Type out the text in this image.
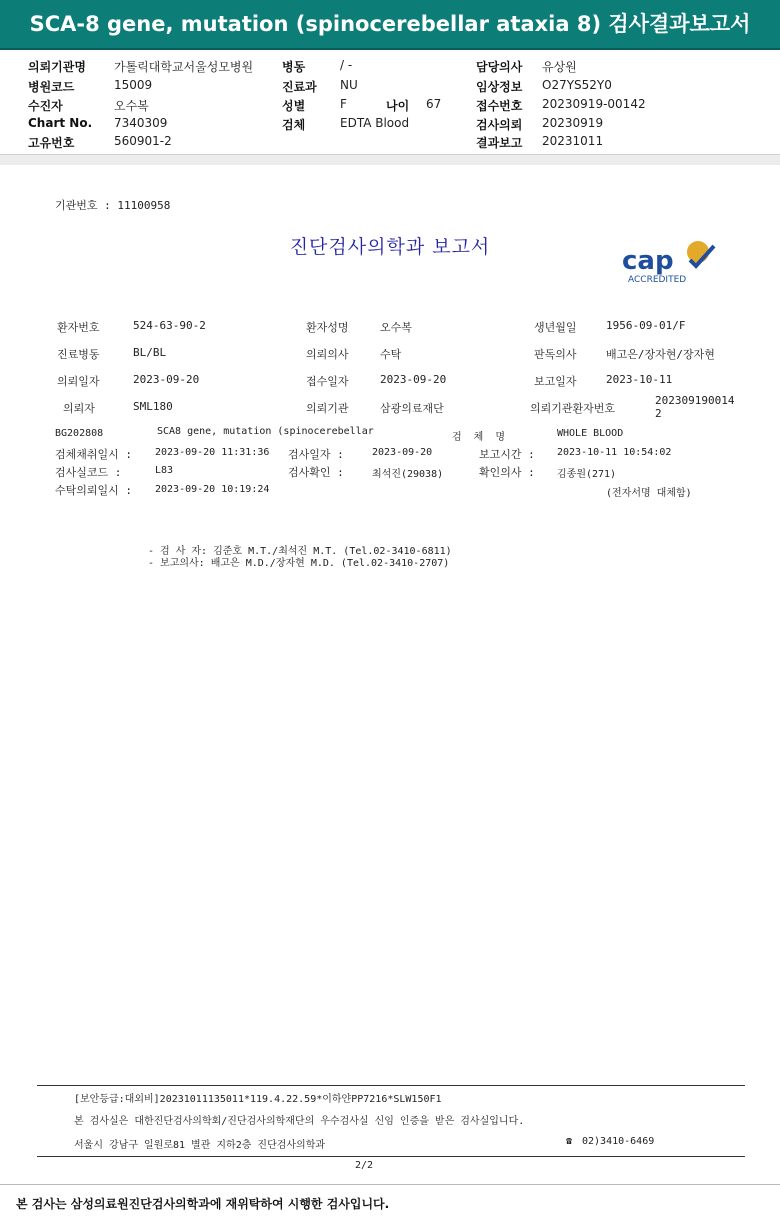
SCA-8 gene, mutation (spinocerebellar ataxia 8) 검사결과보고서
의뢰기관명 가톨릭대학교서울성모병원
병원코드	15009
수진자	오수복
Chart No. 7340309
고유번호	560901-2
병동	/ -
진료과 NU
성별	F	나이 67
검체	EDTA Blood
담당의사 유상원
임상정보 O27YS52Y0
접수번호 20230919-00142
검사의뢰 20230919
결과보고 20231011
기관번호 : 11100958
진단검사의학과 보고서	cap
ACCREDITED
환자번호	524-63-90-2	환자성명	오수복	생년월일	1956-09-01/F
진료병동	BL/BL	의뢰의사	수탁	판독의사	배고은/장자현/장자현
의뢰일자	2023-09-20	접수일자	2023-09-20	보고일자	2023-10-11
의뢰자	SML180	의뢰기관	삼광의료재단	의뢰기관환자번호
202309190014 2
BG202808	SCA8 gene, mutation (spinocerebellar
검 체 명	WHOLE BLOOD
검체채취일시 : 2023-09-20 11:31:36 검사일자 :	2023-09-20	보고시간 : 2023-10-11 10:54:02
검사실코드 :	L83	검사확인 :	최석진(29038)	확인의사 : 김종원(271)
수탁의뢰일시 : 2023-09-20 10:19:24	(전자서명 대체함)
- 검 사 자: 김준호 M.T./최석진 M.T. (Tel.02-3410-6811)
- 보고의사: 배고은 M.D./장자현 M.D. (Tel.02-3410-2707)
[보안등급:대외비]20231011135011*119.4.22.59*이하얀PP7216*SLW150F1
본 검사실은 대한진단검사의학회/진단검사의학재단의 우수검사실 신임 인증을 받은 검사실입니다.
서울시 강남구 일원로81 별관 지하2층 진단검사의학과	☎ 02)3410-6469
2/2
본 검사는 삼성의료원진단검사의학과에 재위탁하여 시행한 검사입니다.
